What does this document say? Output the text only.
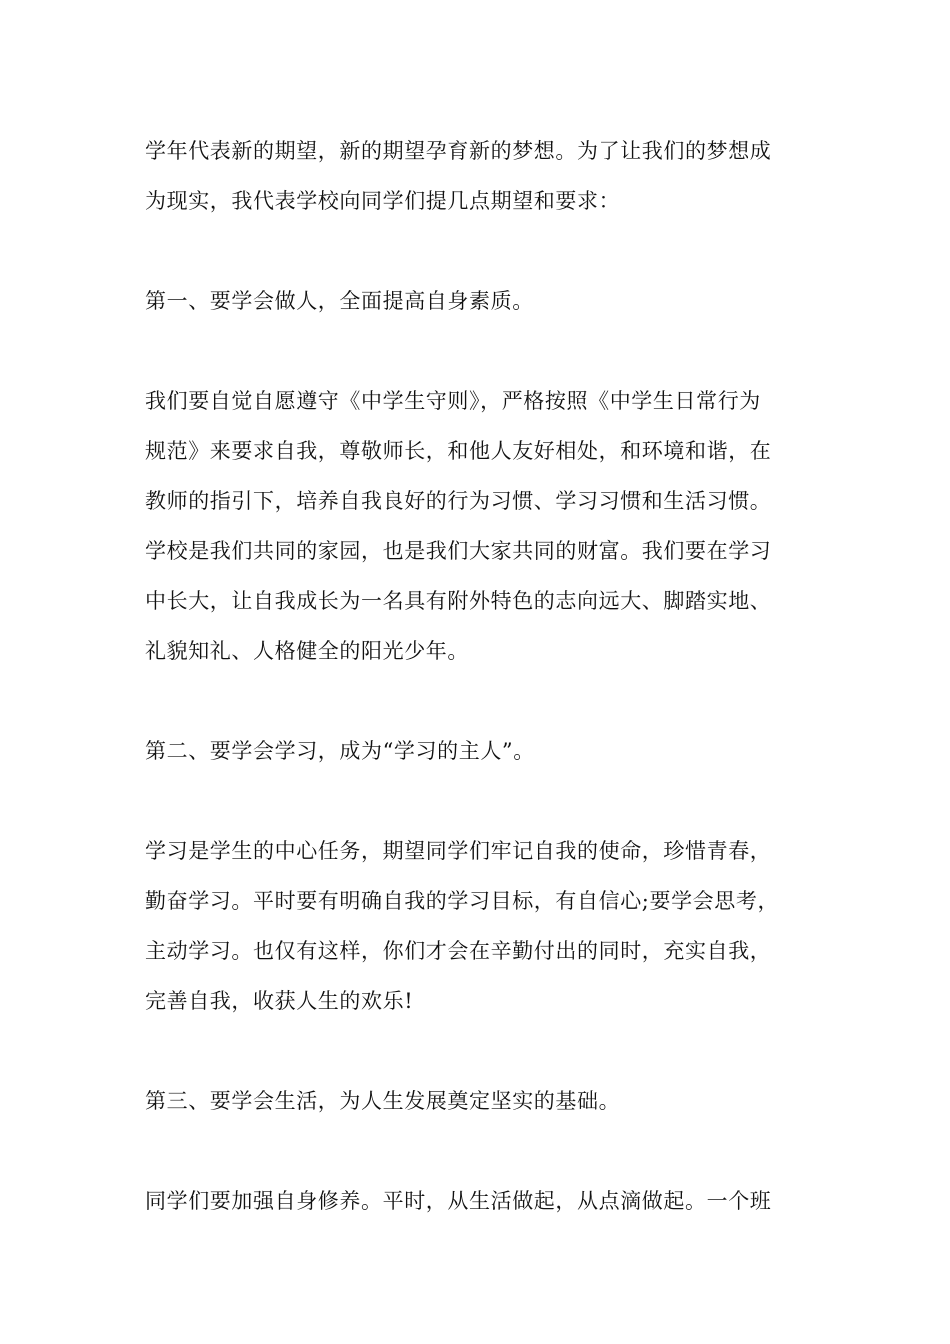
学年代表新的期望，新的期望孕育新的梦想。为了让我们的梦想成
为现实，我代表学校向同学们提几点期望和要求：

第一、要学会做人，全面提高自身素质。

我们要自觉自愿遵守《中学生守则》，严格按照《中学生日常行为
规范》来要求自我，尊敬师长，和他人友好相处，和环境和谐，在
教师的指引下，培养自我良好的行为习惯、学习习惯和生活习惯。
学校是我们共同的家园，也是我们大家共同的财富。我们要在学习
中长大，让自我成长为一名具有附外特色的志向远大、脚踏实地、
礼貌知礼、人格健全的阳光少年。

第二、要学会学习，成为“学习的主人”。

学习是学生的中心任务，期望同学们牢记自我的使命，珍惜青春，
勤奋学习。平时要有明确自我的学习目标，有自信心;要学会思考，
主动学习。也仅有这样，你们才会在辛勤付出的同时，充实自我，
完善自我，收获人生的欢乐!

第三、要学会生活，为人生发展奠定坚实的基础。

同学们要加强自身修养。平时，从生活做起，从点滴做起。一个班
